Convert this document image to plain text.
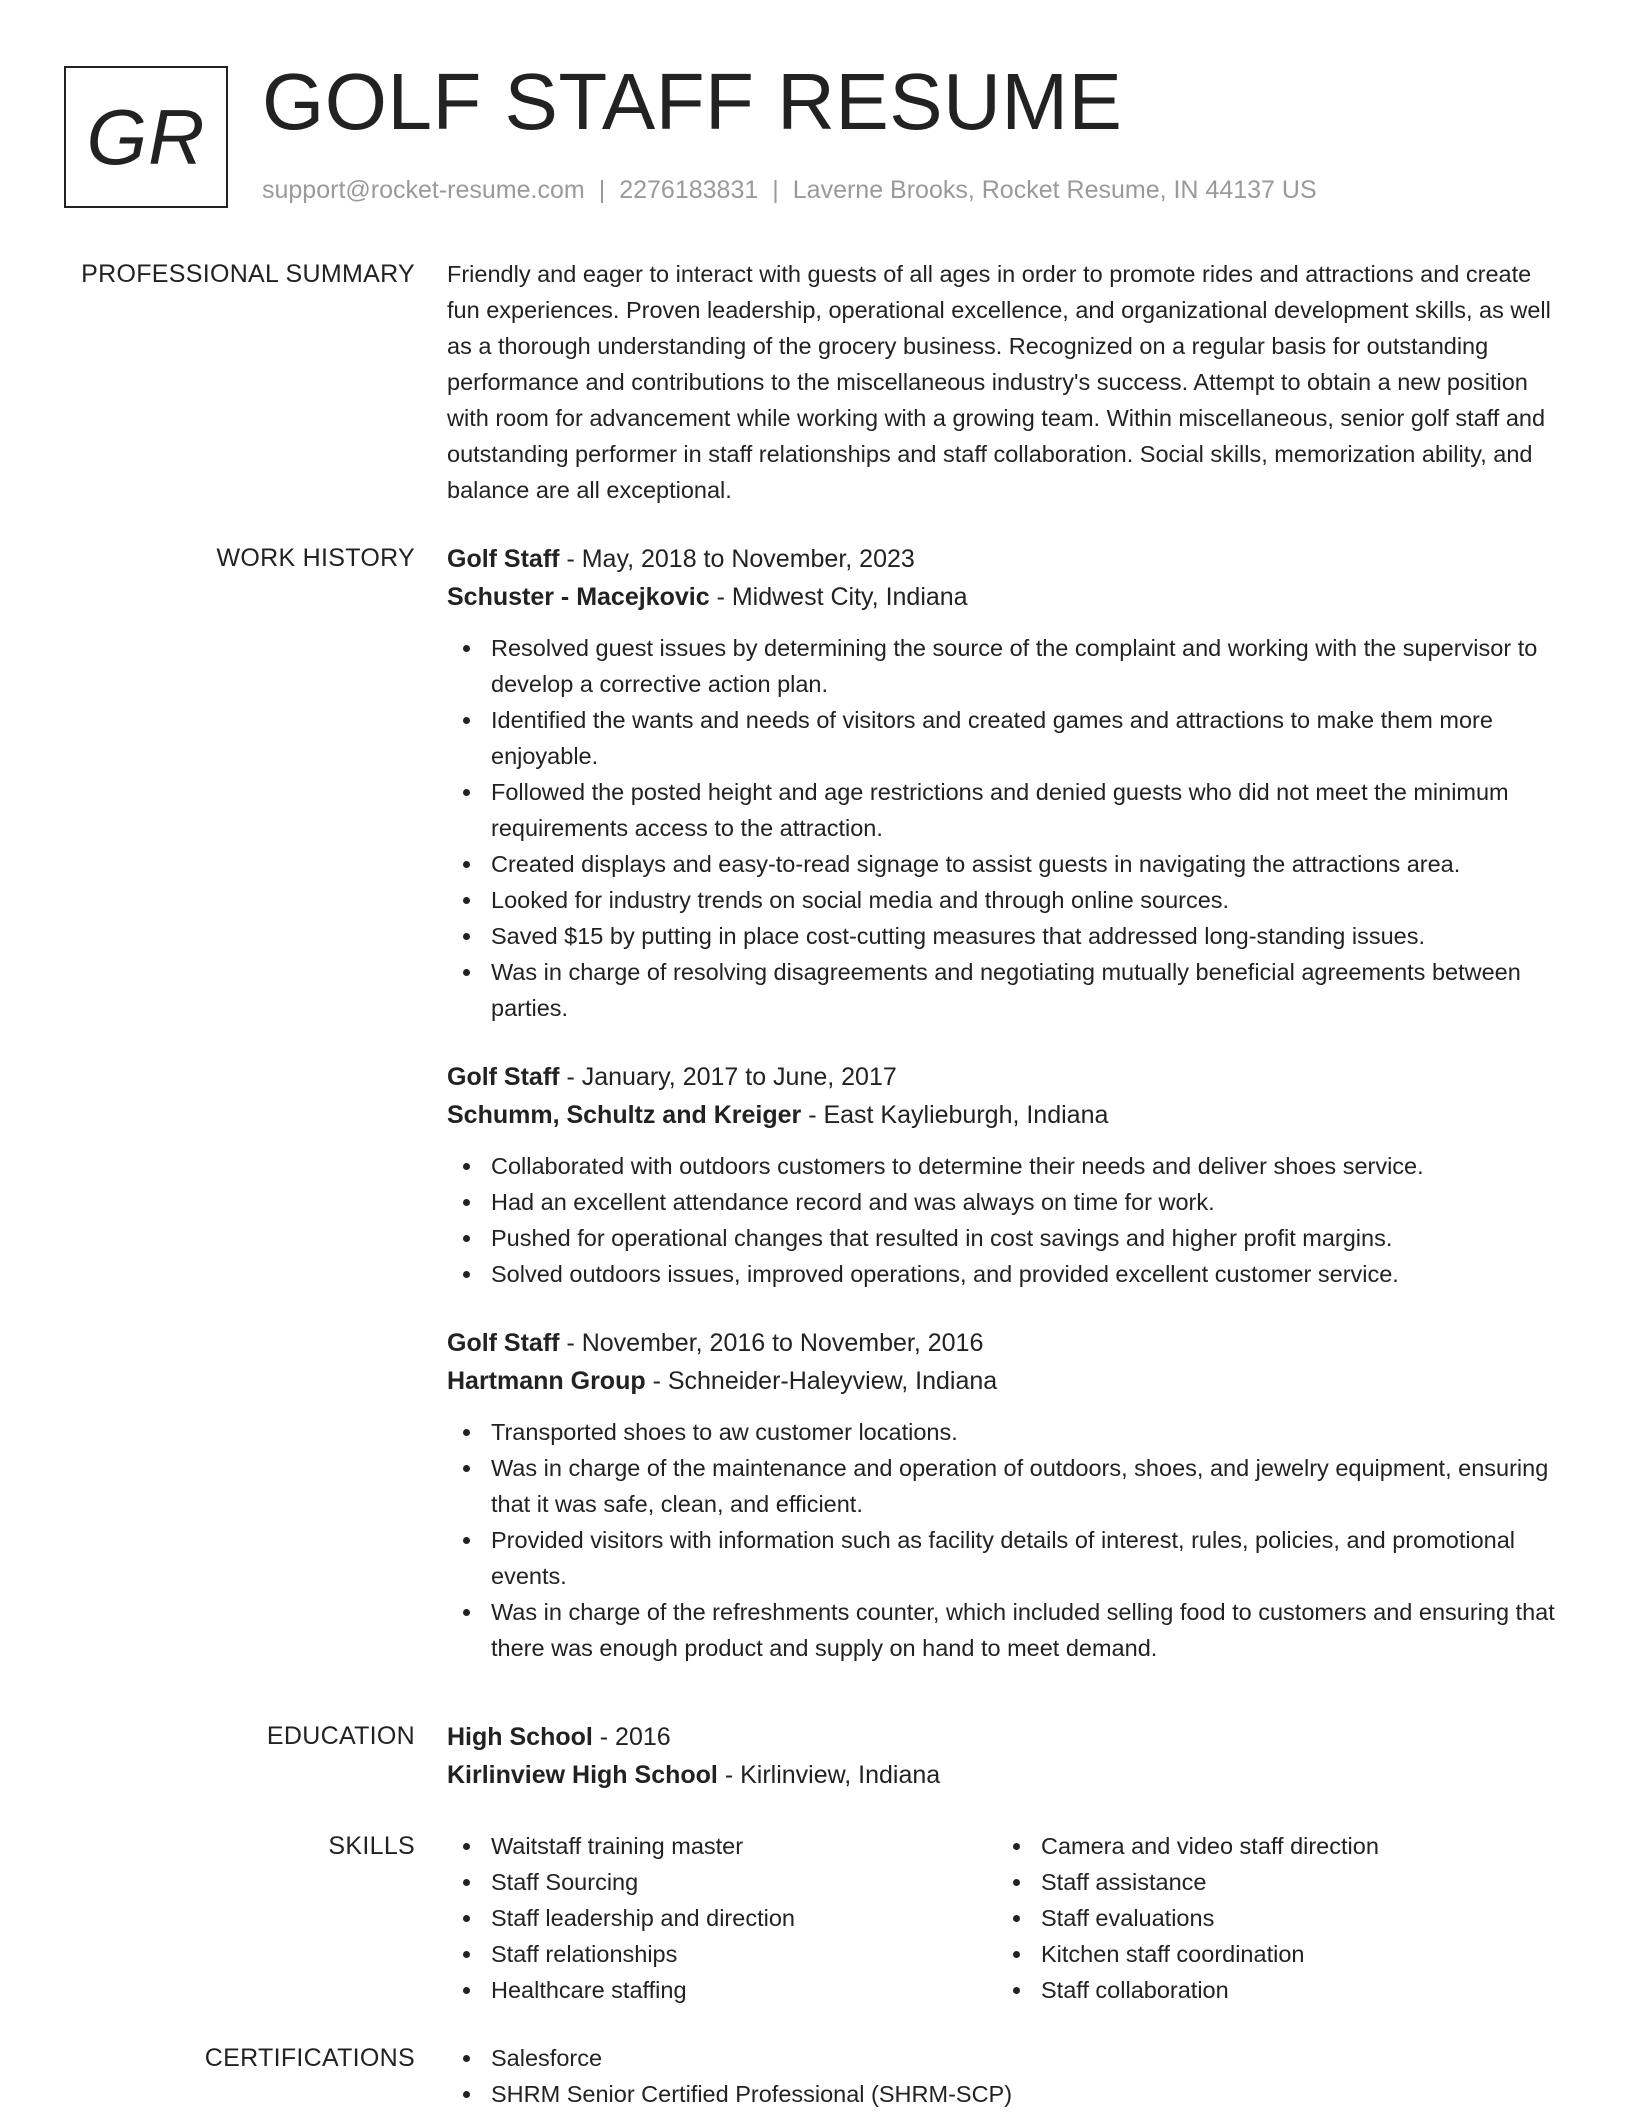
GR GOLF STAFF RESUME
support@rocket-resume.com | 2276183831 | Laverne Brooks, Rocket Resume, IN 44137 US
PROFESSIONAL SUMMARY Friendly and eager to interact with guests of all ages in order to promote rides and attractions and create fun experiences. Proven leadership, operational excellence, and organizational development skills, as well as a thorough understanding of the grocery business. Recognized on a regular basis for outstanding performance and contributions to the miscellaneous industry's success. Attempt to obtain a new position with room for advancement while working with a growing team. Within miscellaneous, senior golf staff and outstanding performer in staff relationships and staff collaboration. Social skills, memorization ability, and balance are all exceptional.

WORK HISTORY Golf Staff - May, 2018 to November, 2023
Schuster - Macejkovic - Midwest City, Indiana
Resolved guest issues by determining the source of the complaint and working with the supervisor to develop a corrective action plan.
Identified the wants and needs of visitors and created games and attractions to make them more enjoyable.
Followed the posted height and age restrictions and denied guests who did not meet the minimum requirements access to the attraction.
Created displays and easy-to-read signage to assist guests in navigating the attractions area.
Looked for industry trends on social media and through online sources.
Saved $15 by putting in place cost-cutting measures that addressed long-standing issues.
Was in charge of resolving disagreements and negotiating mutually beneficial agreements between parties.
Golf Staff - January, 2017 to June, 2017
Schumm, Schultz and Kreiger - East Kaylieburgh, Indiana
Collaborated with outdoors customers to determine their needs and deliver shoes service.
Had an excellent attendance record and was always on time for work.
Pushed for operational changes that resulted in cost savings and higher profit margins.
Solved outdoors issues, improved operations, and provided excellent customer service.
Golf Staff - November, 2016 to November, 2016
Hartmann Group - Schneider-Haleyview, Indiana
Transported shoes to aw customer locations.
Was in charge of the maintenance and operation of outdoors, shoes, and jewelry equipment, ensuring that it was safe, clean, and efficient.
Provided visitors with information such as facility details of interest, rules, policies, and promotional events.
Was in charge of the refreshments counter, which included selling food to customers and ensuring that there was enough product and supply on hand to meet demand.
EDUCATION High School - 2016
Kirlinview High School - Kirlinview, Indiana
SKILLS	Waitstaff training master
Staff Sourcing
Staff leadership and direction
Staff relationships
Healthcare staffing
Camera and video staff direction
Staff assistance
Staff evaluations
Kitchen staff coordination
Staff collaboration
CERTIFICATIONS	Salesforce
SHRM Senior Certified Professional (SHRM-SCP)
